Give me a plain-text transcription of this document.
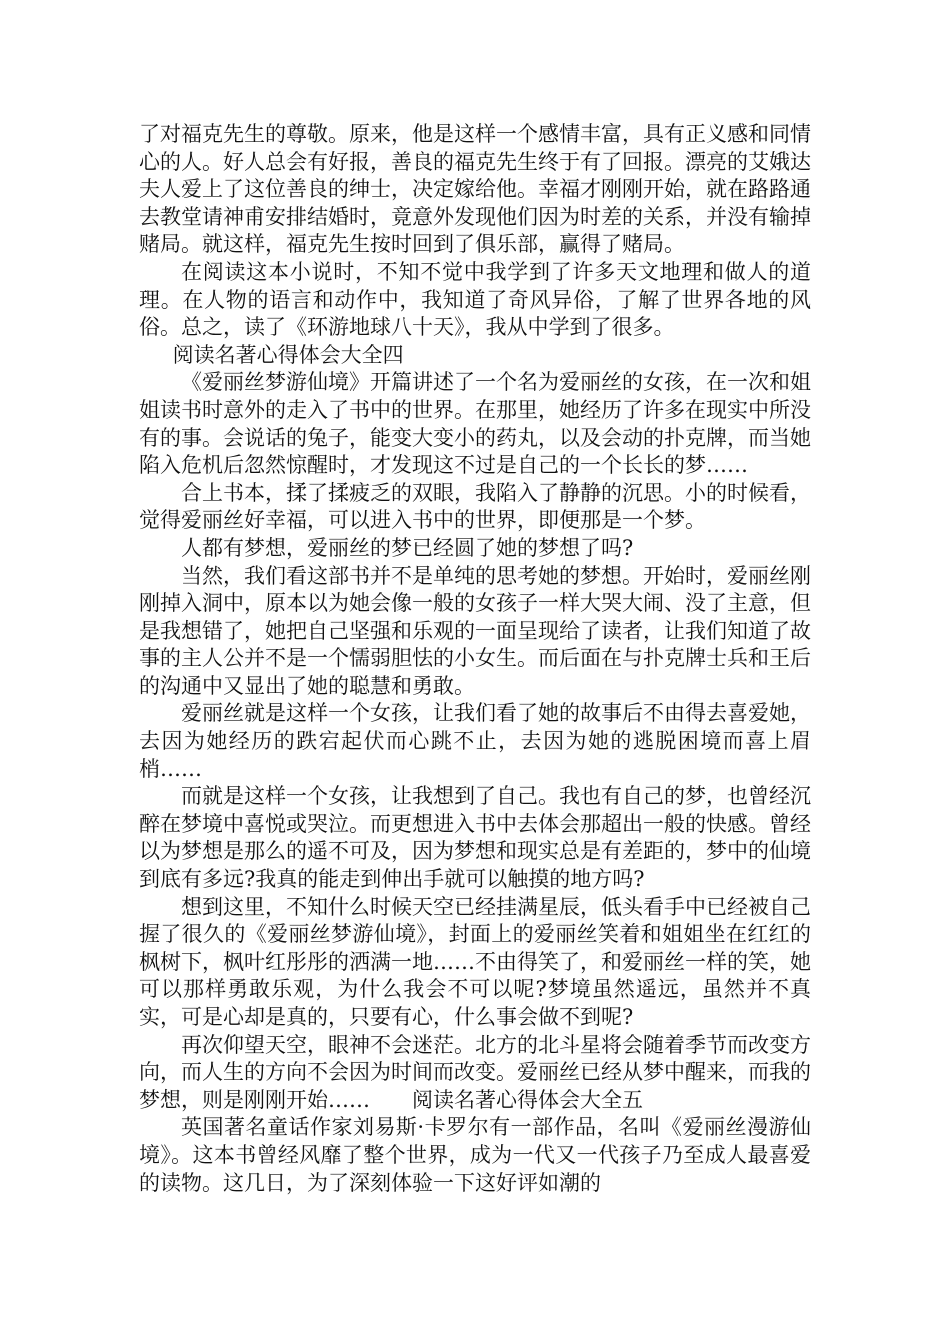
了对福克先生的尊敬。原来，他是这样一个感情丰富，具有正义感和同情心的人。好人总会有好报，善良的福克先生终于有了回报。漂亮的艾娥达夫人爱上了这位善良的绅士，决定嫁给他。幸福才刚刚开始，就在路路通去教堂请神甫安排结婚时，竟意外发现他们因为时差的关系，并没有输掉赌局。就这样，福克先生按时回到了俱乐部，赢得了赌局。

在阅读这本小说时，不知不觉中我学到了许多天文地理和做人的道理。在人物的语言和动作中，我知道了奇风异俗，了解了世界各地的风俗。总之，读了《环游地球八十天》，我从中学到了很多。

阅读名著心得体会大全四

《爱丽丝梦游仙境》开篇讲述了一个名为爱丽丝的女孩，在一次和姐姐读书时意外的走入了书中的世界。在那里，她经历了许多在现实中所没有的事。会说话的兔子，能变大变小的药丸，以及会动的扑克牌，而当她陷入危机后忽然惊醒时，才发现这不过是自己的一个长长的梦……

合上书本，揉了揉疲乏的双眼，我陷入了静静的沉思。小的时候看，觉得爱丽丝好幸福，可以进入书中的世界，即便那是一个梦。

人都有梦想，爱丽丝的梦已经圆了她的梦想了吗?

当然，我们看这部书并不是单纯的思考她的梦想。开始时，爱丽丝刚刚掉入洞中，原本以为她会像一般的女孩子一样大哭大闹、没了主意，但是我想错了，她把自己坚强和乐观的一面呈现给了读者，让我们知道了故事的主人公并不是一个懦弱胆怯的小女生。而后面在与扑克牌士兵和王后的沟通中又显出了她的聪慧和勇敢。

爱丽丝就是这样一个女孩，让我们看了她的故事后不由得去喜爱她，去因为她经历的跌宕起伏而心跳不止，去因为她的逃脱困境而喜上眉梢……

而就是这样一个女孩，让我想到了自己。我也有自己的梦，也曾经沉醉在梦境中喜悦或哭泣。而更想进入书中去体会那超出一般的快感。曾经以为梦想是那么的遥不可及，因为梦想和现实总是有差距的，梦中的仙境到底有多远?我真的能走到伸出手就可以触摸的地方吗?

想到这里，不知什么时候天空已经挂满星辰，低头看手中已经被自己握了很久的《爱丽丝梦游仙境》，封面上的爱丽丝笑着和姐姐坐在红红的枫树下，枫叶红彤彤的洒满一地……不由得笑了，和爱丽丝一样的笑，她可以那样勇敢乐观，为什么我会不可以呢?梦境虽然遥远，虽然并不真实，可是心却是真的，只要有心，什么事会做不到呢?

再次仰望天空，眼神不会迷茫。北方的北斗星将会随着季节而改变方向，而人生的方向不会因为时间而改变。爱丽丝已经从梦中醒来，而我的梦想，则是刚刚开始……　　阅读名著心得体会大全五

英国著名童话作家刘易斯·卡罗尔有一部作品，名叫《爱丽丝漫游仙境》。这本书曾经风靡了整个世界，成为一代又一代孩子乃至成人最喜爱的读物。这几日，为了深刻体验一下这好评如潮的
